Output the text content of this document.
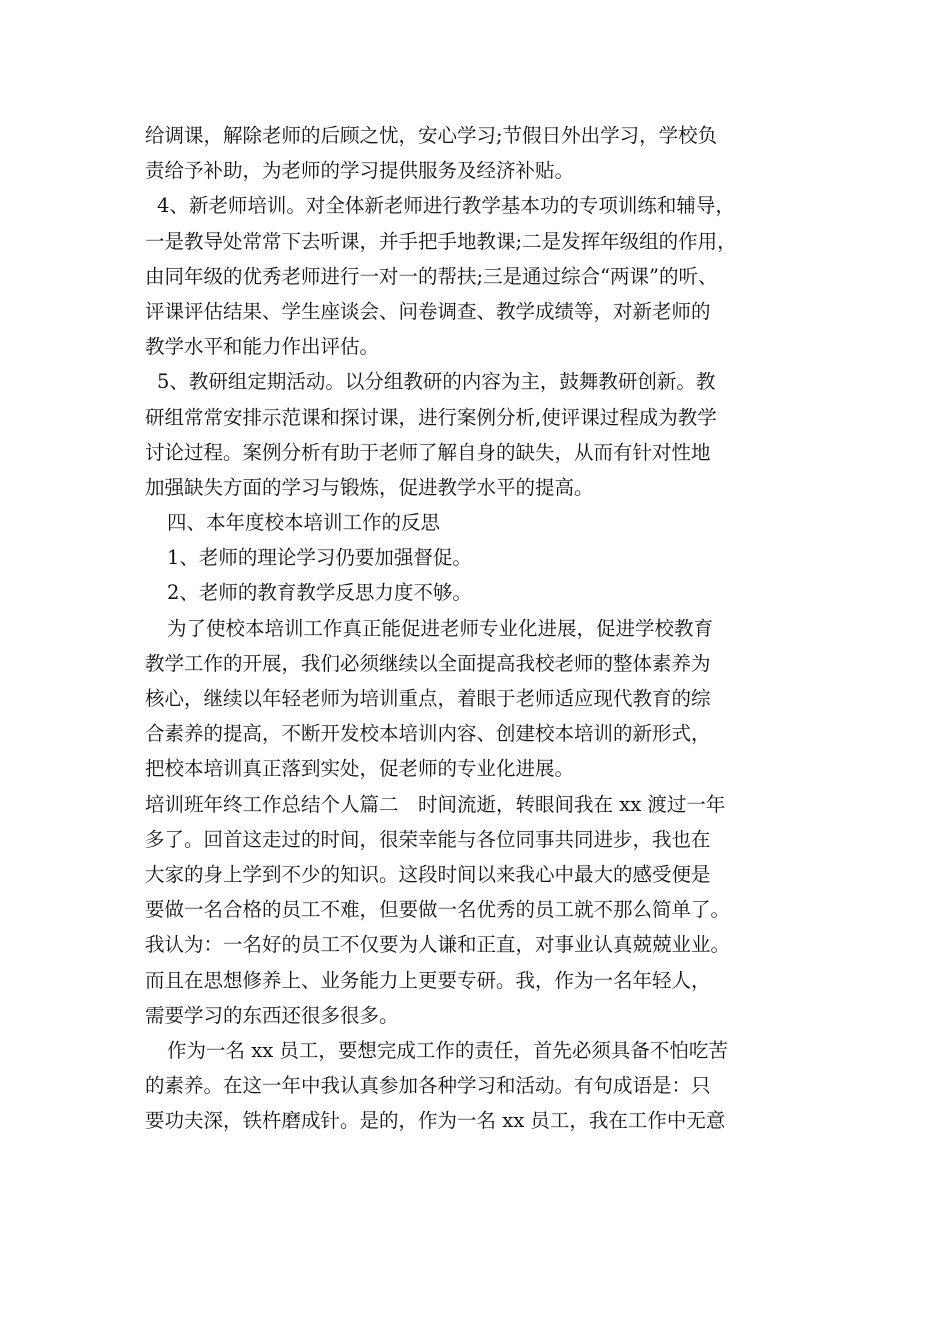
给调课，解除老师的后顾之忧，安心学习;节假日外出学习，学校负
责给予补助，为老师的学习提供服务及经济补贴。
4、新老师培训。对全体新老师进行教学基本功的专项训练和辅导，
一是教导处常常下去听课，并手把手地教课;二是发挥年级组的作用，
由同年级的优秀老师进行一对一的帮扶;三是通过综合“两课”的听、
评课评估结果、学生座谈会、问卷调查、教学成绩等，对新老师的
教学水平和能力作出评估。
5、教研组定期活动。以分组教研的内容为主，鼓舞教研创新。教
研组常常安排示范课和探讨课，进行案例分析,使评课过程成为教学
讨论过程。案例分析有助于老师了解自身的缺失，从而有针对性地
加强缺失方面的学习与锻炼，促进教学水平的提高。
四、本年度校本培训工作的反思
1、老师的理论学习仍要加强督促。
2、老师的教育教学反思力度不够。
为了使校本培训工作真正能促进老师专业化进展，促进学校教育
教学工作的开展，我们必须继续以全面提高我校老师的整体素养为
核心，继续以年轻老师为培训重点，着眼于老师适应现代教育的综
合素养的提高，不断开发校本培训内容、创建校本培训的新形式，
把校本培训真正落到实处，促老师的专业化进展。
培训班年终工作总结个人篇二　时间流逝，转眼间我在 xx 渡过一年
多了。回首这走过的时间，很荣幸能与各位同事共同进步，我也在
大家的身上学到不少的知识。这段时间以来我心中最大的感受便是
要做一名合格的员工不难，但要做一名优秀的员工就不那么简单了。
我认为：一名好的员工不仅要为人谦和正直，对事业认真兢兢业业。
而且在思想修养上、业务能力上更要专研。我，作为一名年轻人，
需要学习的东西还很多很多。
作为一名 xx 员工，要想完成工作的责任，首先必须具备不怕吃苦
的素养。在这一年中我认真参加各种学习和活动。有句成语是：只
要功夫深，铁杵磨成针。是的，作为一名 xx 员工，我在工作中无意
